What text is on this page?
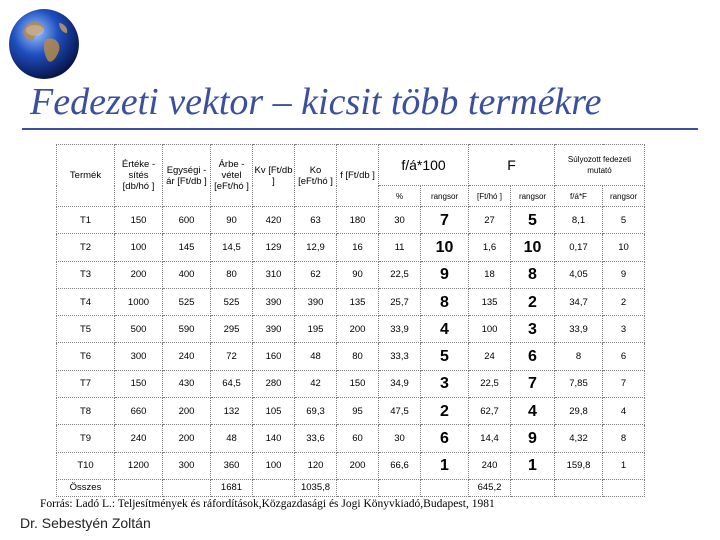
Fedezeti vektor – kicsit több termékre
Termék	Értéke - sítés [db/hó ]	Egységi - ár [Ft/db ]	Árbe - vétel [eFt/hó ]	Kv [Ft/db ]	Ko [eFt/hó ]	f [Ft/db ]	f/á*100		F		Súlyozott fedezeti mutató	
							%	rangsor	[Ft/hó ]	rangsor	f/á*F	rangsor
T1	150	600	90	420	63	180	30	7	27	5	8,1	5
T2	100	145	14,5	129	12,9	16	11	10	1,6	10	0,17	10
T3	200	400	80	310	62	90	22,5	9	18	8	4,05	9
T4	1000	525	525	390	390	135	25,7	8	135	2	34,7	2
T5	500	590	295	390	195	200	33,9	4	100	3	33,9	3
T6	300	240	72	160	48	80	33,3	5	24	6	8	6
T7	150	430	64,5	280	42	150	34,9	3	22,5	7	7,85	7
T8	660	200	132	105	69,3	95	47,5	2	62,7	4	29,8	4
T9	240	200	48	140	33,6	60	30	6	14,4	9	4,32	8
T10	1200	300	360	100	120	200	66,6	1	240	1	159,8	1
Összes			1681		1035,8				645,2			
Forrás: Ladó L.: Teljesítmények és ráfordítások,Közgazdasági és Jogi Könyvkiadó,Budapest, 1981
Dr. Sebestyén Zoltán
